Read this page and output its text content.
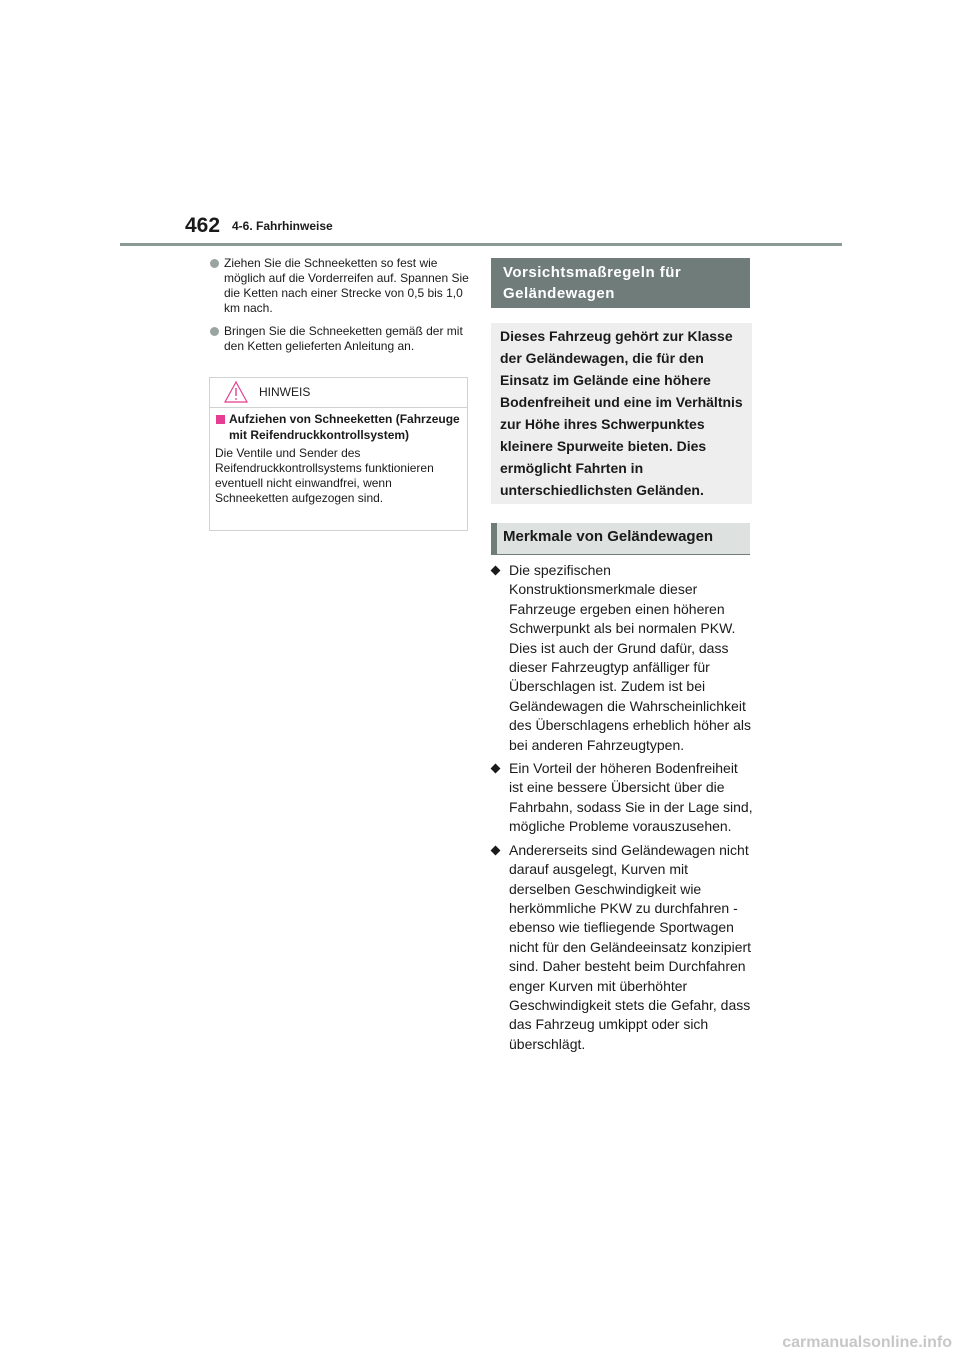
462 4-6. Fahrhinweise
Ziehen Sie die Schneeketten so fest wie möglich auf die Vorderreifen auf. Spannen Sie die Ketten nach einer Strecke von 0,5 bis 1,0 km nach.
Bringen Sie die Schneeketten gemäß der mit den Ketten gelieferten Anleitung an.
HINWEIS
Aufziehen von Schneeketten (Fahrzeuge mit Reifendruckkontrollsystem)
Die Ventile und Sender des Reifendruckkontrollsystems funktionieren eventuell nicht einwandfrei, wenn Schneeketten aufgezogen sind.
Vorsichtsmaßregeln für Geländewagen
Dieses Fahrzeug gehört zur Klasse der Geländewagen, die für den Einsatz im Gelände eine höhere Bodenfreiheit und eine im Verhältnis zur Höhe ihres Schwerpunktes kleinere Spurweite bieten. Dies ermöglicht Fahrten in unterschiedlichsten Geländen.
Merkmale von Geländewagen
Die spezifischen Konstruktionsmerkmale dieser Fahrzeuge ergeben einen höheren Schwerpunkt als bei normalen PKW. Dies ist auch der Grund dafür, dass dieser Fahrzeugtyp anfälliger für Überschlagen ist. Zudem ist bei Geländewagen die Wahrscheinlichkeit des Überschlagens erheblich höher als bei anderen Fahrzeugtypen.
Ein Vorteil der höheren Bodenfreiheit ist eine bessere Übersicht über die Fahrbahn, sodass Sie in der Lage sind, mögliche Probleme vorauszusehen.
Andererseits sind Geländewagen nicht darauf ausgelegt, Kurven mit derselben Geschwindigkeit wie herkömmliche PKW zu durchfahren - ebenso wie tiefliegende Sportwagen nicht für den Geländeeinsatz konzipiert sind. Daher besteht beim Durchfahren enger Kurven mit überhöhter Geschwindigkeit stets die Gefahr, dass das Fahrzeug umkippt oder sich überschlägt.
carmanualsonline.info
